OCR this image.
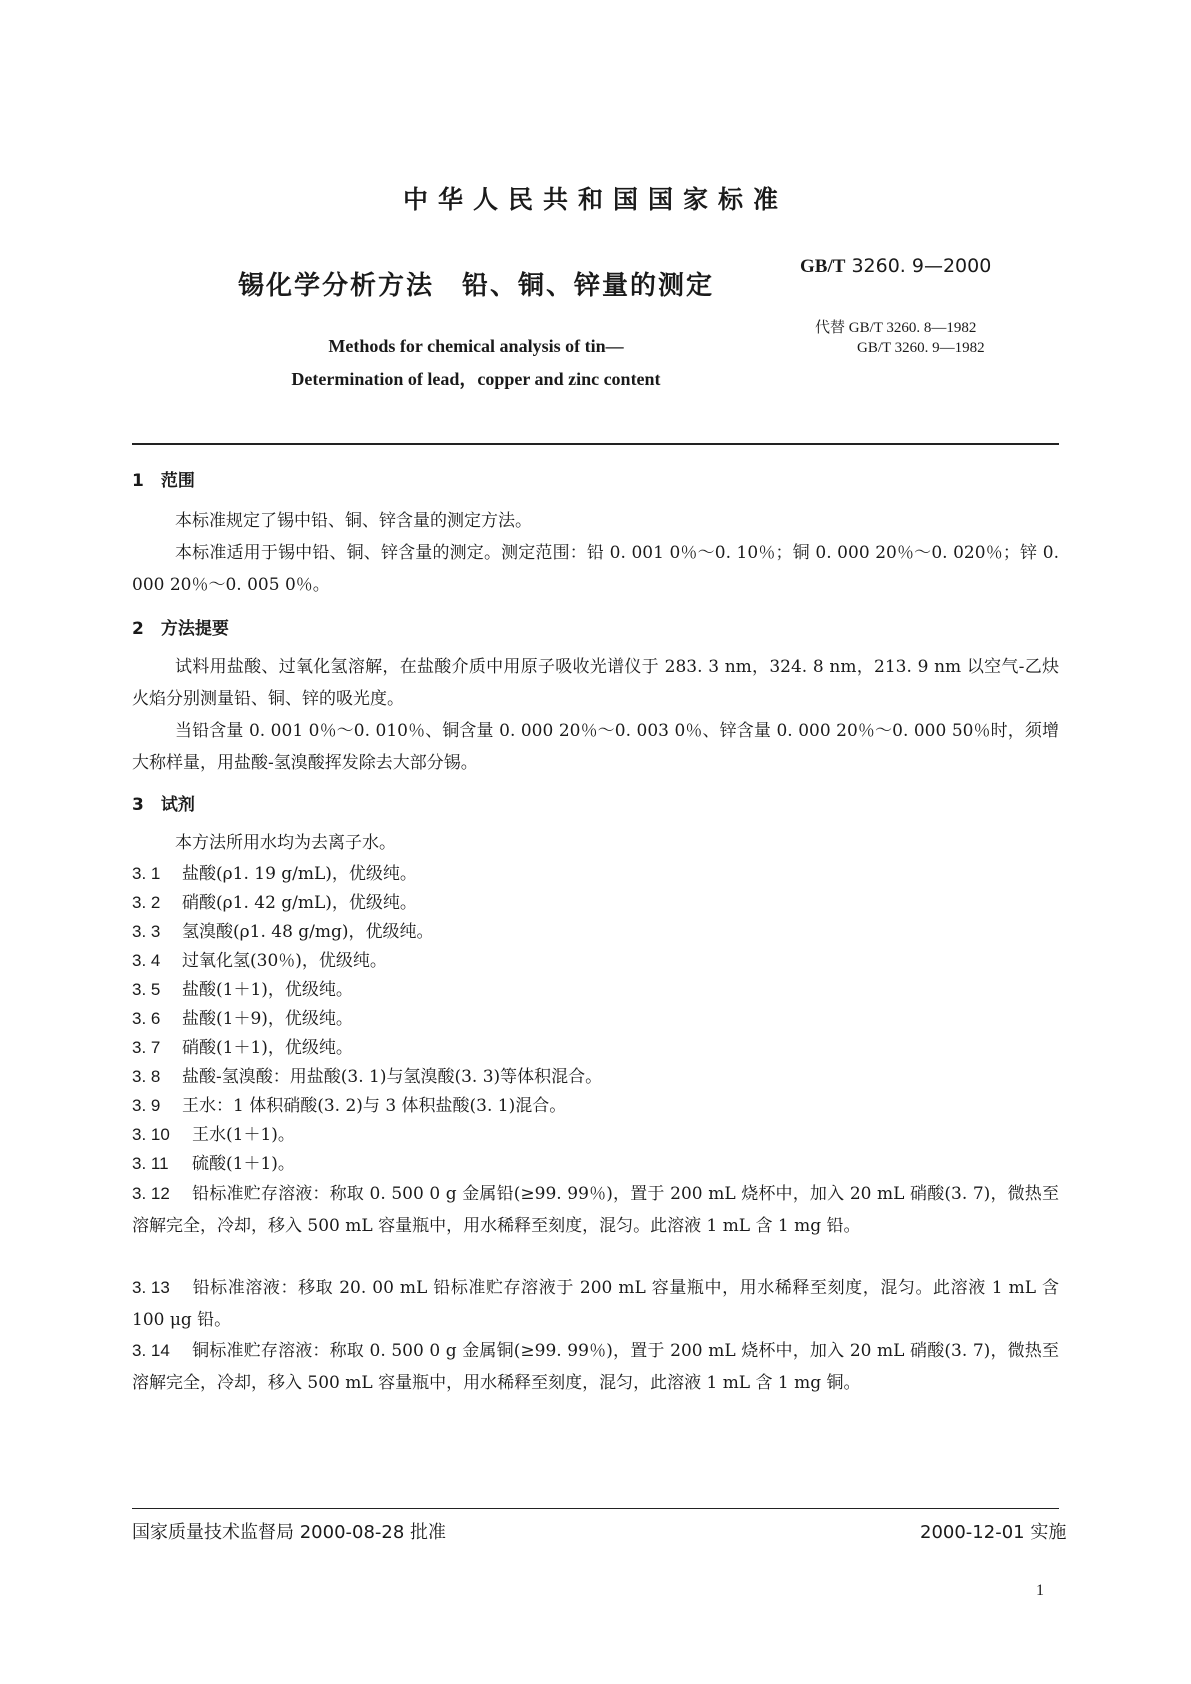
中华人民共和国国家标准
锡化学分析方法　铅、铜、锌量的测定
GB/T 3260. 9—2000
Methods for chemical analysis of tin—
Determination of lead，copper and zinc content
代替 GB/T 3260. 8—1982
GB/T 3260. 9—1982
1　范围
本标准规定了锡中铅、铜、锌含量的测定方法。
本标准适用于锡中铅、铜、锌含量的测定。测定范围：铅 0. 001 0％～0. 10％；铜 0. 000 20％～0. 020％；锌 0. 000 20％～0. 005 0％。
2　方法提要
试料用盐酸、过氧化氢溶解，在盐酸介质中用原子吸收光谱仪于 283. 3 nm，324. 8 nm，213. 9 nm 以空气-乙炔火焰分别测量铅、铜、锌的吸光度。
当铅含量 0. 001 0％～0. 010％、铜含量 0. 000 20％～0. 003 0％、锌含量 0. 000 20％～0. 000 50％时，须增大称样量，用盐酸-氢溴酸挥发除去大部分锡。
3　试剂
本方法所用水均为去离子水。
3. 1 盐酸(ρ1. 19 g/mL)，优级纯。
3. 2 硝酸(ρ1. 42 g/mL)，优级纯。
3. 3 氢溴酸(ρ1. 48 g/mg)，优级纯。
3. 4 过氧化氢(30％)，优级纯。
3. 5 盐酸(1＋1)，优级纯。
3. 6 盐酸(1＋9)，优级纯。
3. 7 硝酸(1＋1)，优级纯。
3. 8 盐酸-氢溴酸：用盐酸(3. 1)与氢溴酸(3. 3)等体积混合。
3. 9 王水：1 体积硝酸(3. 2)与 3 体积盐酸(3. 1)混合。
3. 10 王水(1＋1)。
3. 11 硫酸(1＋1)。
3. 12 铅标准贮存溶液：称取 0. 500 0 g 金属铅(≥99. 99％)，置于 200 mL 烧杯中，加入 20 mL 硝酸(3. 7)，微热至溶解完全，冷却，移入 500 mL 容量瓶中，用水稀释至刻度，混匀。此溶液 1 mL 含 1 mg 铅。
3. 13 铅标准溶液：移取 20. 00 mL 铅标准贮存溶液于 200 mL 容量瓶中，用水稀释至刻度，混匀。此溶液 1 mL 含 100 μg 铅。
3. 14 铜标准贮存溶液：称取 0. 500 0 g 金属铜(≥99. 99％)，置于 200 mL 烧杯中，加入 20 mL 硝酸(3. 7)，微热至溶解完全，冷却，移入 500 mL 容量瓶中，用水稀释至刻度，混匀，此溶液 1 mL 含 1 mg 铜。
国家质量技术监督局 2000-08-28 批准	2000-12-01 实施
1
